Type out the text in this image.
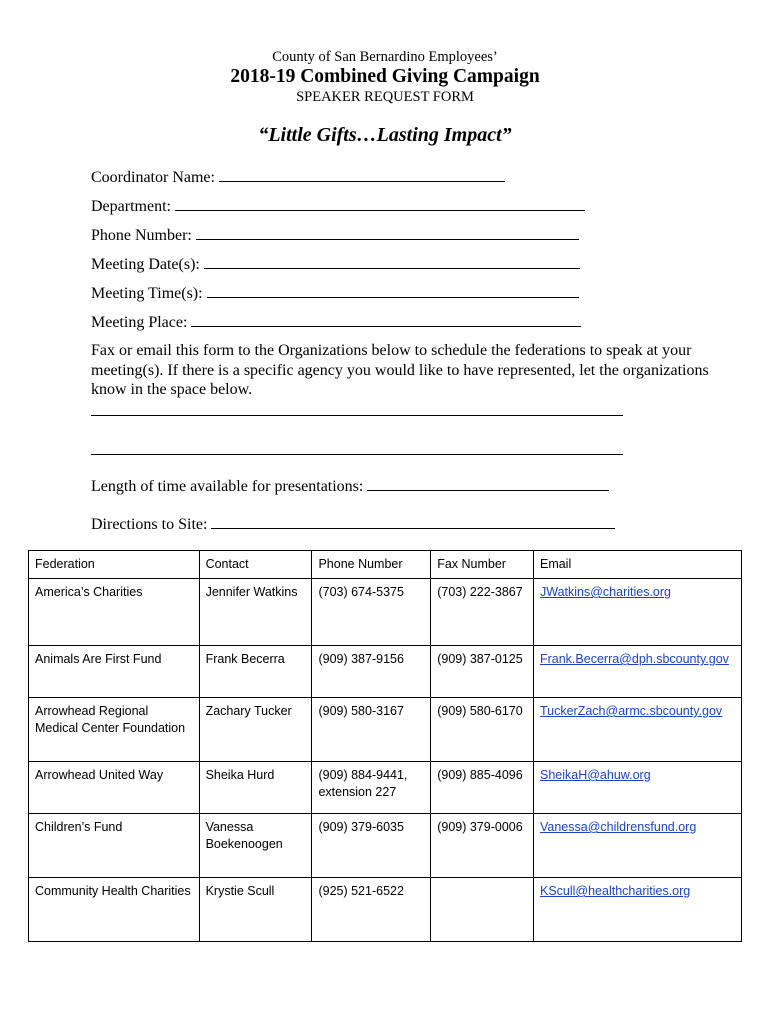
County of San Bernardino Employees’
2018-19 Combined Giving Campaign
SPEAKER REQUEST FORM
“Little Gifts…Lasting Impact”
Coordinator Name:
Department:
Phone Number:
Meeting Date(s):
Meeting Time(s):
Meeting Place:
Fax or email this form to the Organizations below to schedule the federations to speak at your meeting(s). If there is a specific agency you would like to have represented, let the organizations know in the space below.
Length of time available for presentations:
Directions to Site:
Federation	Contact	Phone Number	Fax Number	Email
America’s Charities	Jennifer Watkins	(703) 674-5375	(703) 222-3867	JWatkins@charities.org
Animals Are First Fund	Frank Becerra	(909) 387-9156	(909) 387-0125	Frank.Becerra@dph.sbcounty.gov
Arrowhead Regional Medical Center Foundation	Zachary Tucker	(909) 580-3167	(909) 580-6170	TuckerZach@armc.sbcounty.gov
Arrowhead United Way	Sheika Hurd	(909) 884-9441, extension 227	(909) 885-4096	SheikaH@ahuw.org
Children’s Fund	Vanessa Boekenoogen	(909) 379-6035	(909) 379-0006	Vanessa@childrensfund.org
Community Health Charities	Krystie Scull	(925) 521-6522		KScull@healthcharities.org
